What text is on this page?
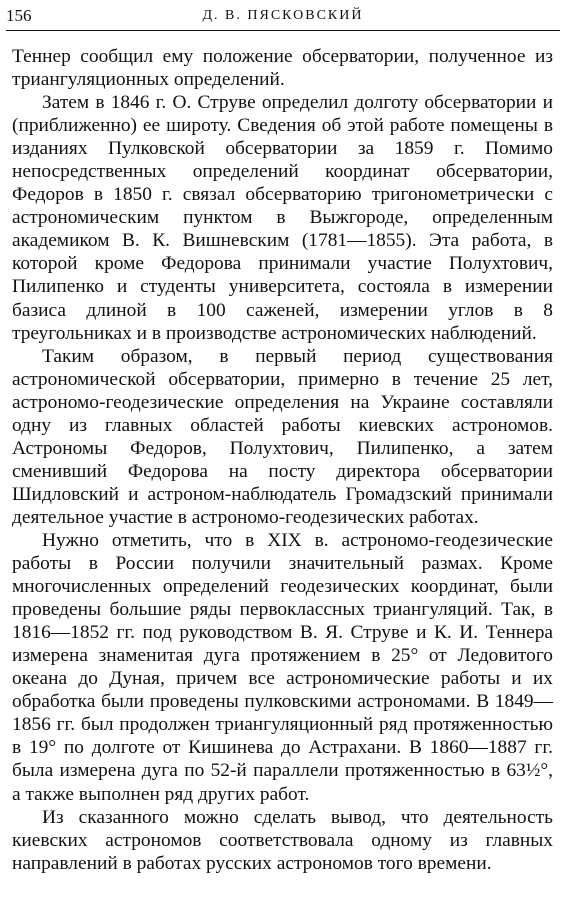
156	Д. В. ПЯСКОВСКИЙ

Теннер сообщил ему положение обсерватории, полученное из триангуляционных определений.

Затем в 1846 г. О. Струве определил долготу обсерватории и (приближенно) ее широту. Сведения об этой работе помещены в изданиях Пулковской обсерватории за 1859 г. Помимо непосредственных определений координат обсерватории, Федоров в 1850 г. связал обсерваторию тригонометрически с астрономическим пунктом в Выжгороде, определенным академиком В. К. Вишневским (1781—1855). Эта работа, в которой кроме Федорова принимали участие Полухтович, Пилипенко и студенты университета, состояла в измерении базиса длиной в 100 саженей, измерении углов в 8 треугольниках и в производстве астрономических наблюдений.

Таким образом, в первый период существования астрономической обсерватории, примерно в течение 25 лет, астрономо-геодезические определения на Украине составляли одну из главных областей работы киевских астрономов. Астрономы Федоров, Полухтович, Пилипенко, а затем сменивший Федорова на посту директора обсерватории Шидловский и астроном-наблюдатель Громадзский принимали деятельное участие в астрономо-геодезических работах.

Нужно отметить, что в XIX в. астрономо-геодезические работы в России получили значительный размах. Кроме многочисленных определений геодезических координат, были проведены большие ряды первоклассных триангуляций. Так, в 1816—1852 гг. под руководством В. Я. Струве и К. И. Теннера измерена знаменитая дуга протяжением в 25° от Ледовитого океана до Дуная, причем все астрономические работы и их обработка были проведены пулковскими астрономами. В 1849—1856 гг. был продолжен триангуляционный ряд протяженностью в 19° по долготе от Кишинева до Астрахани. В 1860—1887 гг. была измерена дуга по 52-й параллели протяженностью в 63½°, а также выполнен ряд других работ.

Из сказанного можно сделать вывод, что деятельность киевских астрономов соответствовала одному из главных направлений в работах русских астрономов того времени.
